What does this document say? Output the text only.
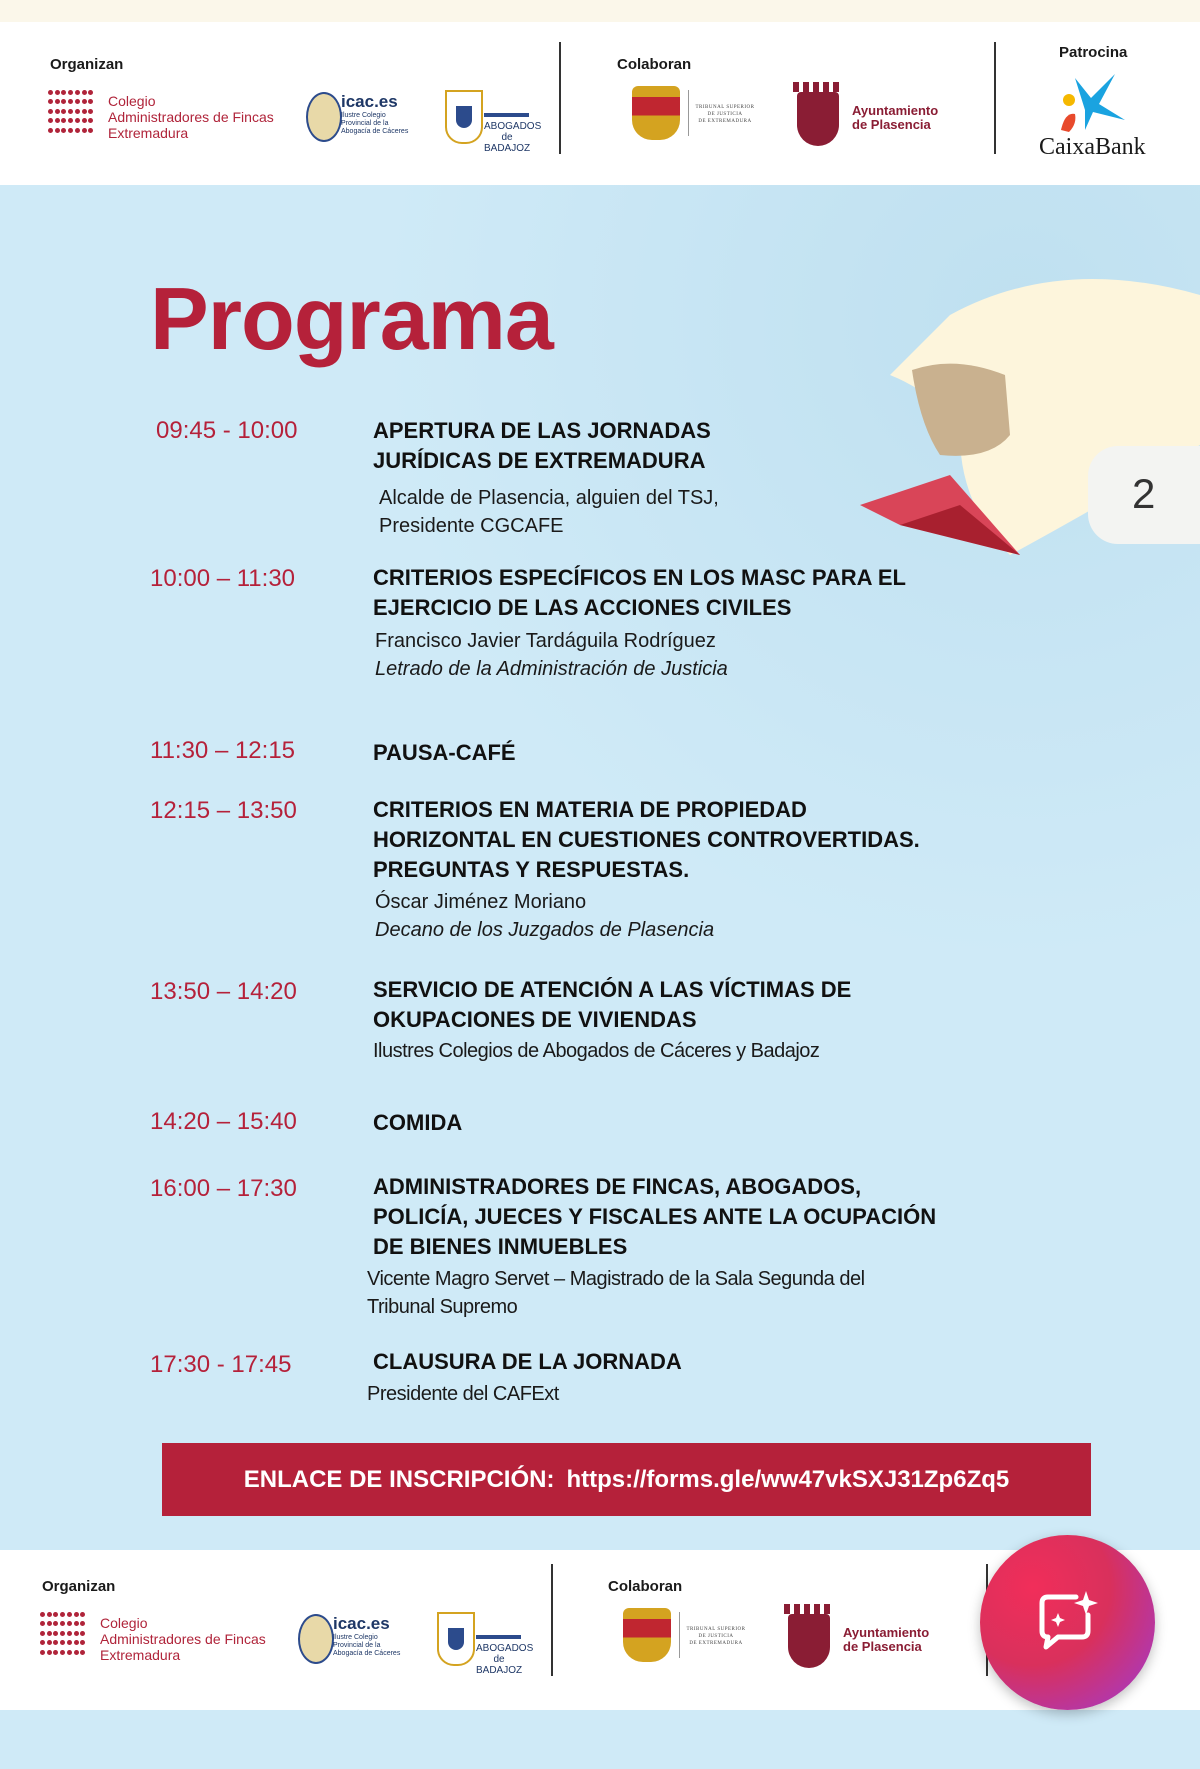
Organizan
Colegio
Administradores de Fincas
Extremadura
icac.es
Ilustre Colegio
Provincial de la
Abogacía de Cáceres	ABOGADOS
de BADAJOZ
Colaboran
TRIBUNAL SUPERIOR
DE JUSTICIA
DE EXTREMADURA
Ayuntamiento
de Plasencia
Patrocina
CaixaBank
2
Programa
09:45 - 10:00	APERTURA DE LAS JORNADAS
JURÍDICAS DE EXTREMADURA
Alcalde de Plasencia, alguien del TSJ,
Presidente CGCAFE
10:00 – 11:30	CRITERIOS ESPECÍFICOS EN LOS MASC PARA EL
EJERCICIO DE LAS ACCIONES CIVILES
Francisco Javier Tardáguila Rodríguez
Letrado de la Administración de Justicia
11:30 – 12:15	PAUSA-CAFÉ
12:15 – 13:50	CRITERIOS EN MATERIA DE PROPIEDAD
HORIZONTAL EN CUESTIONES CONTROVERTIDAS.
PREGUNTAS Y RESPUESTAS.
Óscar Jiménez Moriano
Decano de los Juzgados de Plasencia
13:50 – 14:20	SERVICIO DE ATENCIÓN A LAS VÍCTIMAS DE
OKUPACIONES DE VIVIENDAS
Ilustres Colegios de Abogados de Cáceres y Badajoz
14:20 – 15:40	COMIDA
16:00 – 17:30	ADMINISTRADORES DE FINCAS, ABOGADOS,
POLICÍA, JUECES Y FISCALES ANTE LA OCUPACIÓN
DE BIENES INMUEBLES
Vicente Magro Servet – Magistrado de la Sala Segunda del
Tribunal Supremo
17:30 - 17:45	CLAUSURA DE LA JORNADA
Presidente del CAFExt
ENLACE DE INSCRIPCIÓN: https://forms.gle/ww47vkSXJ31Zp6Zq5
Organizan
Colegio
Administradores de Fincas
Extremadura
icac.es
Ilustre Colegio
Provincial de la
Abogacía de Cáceres	ABOGADOS
de BADAJOZ
Colaboran
TRIBUNAL SUPERIOR
DE JUSTICIA
DE EXTREMADURA
Ayuntamiento
de Plasencia
